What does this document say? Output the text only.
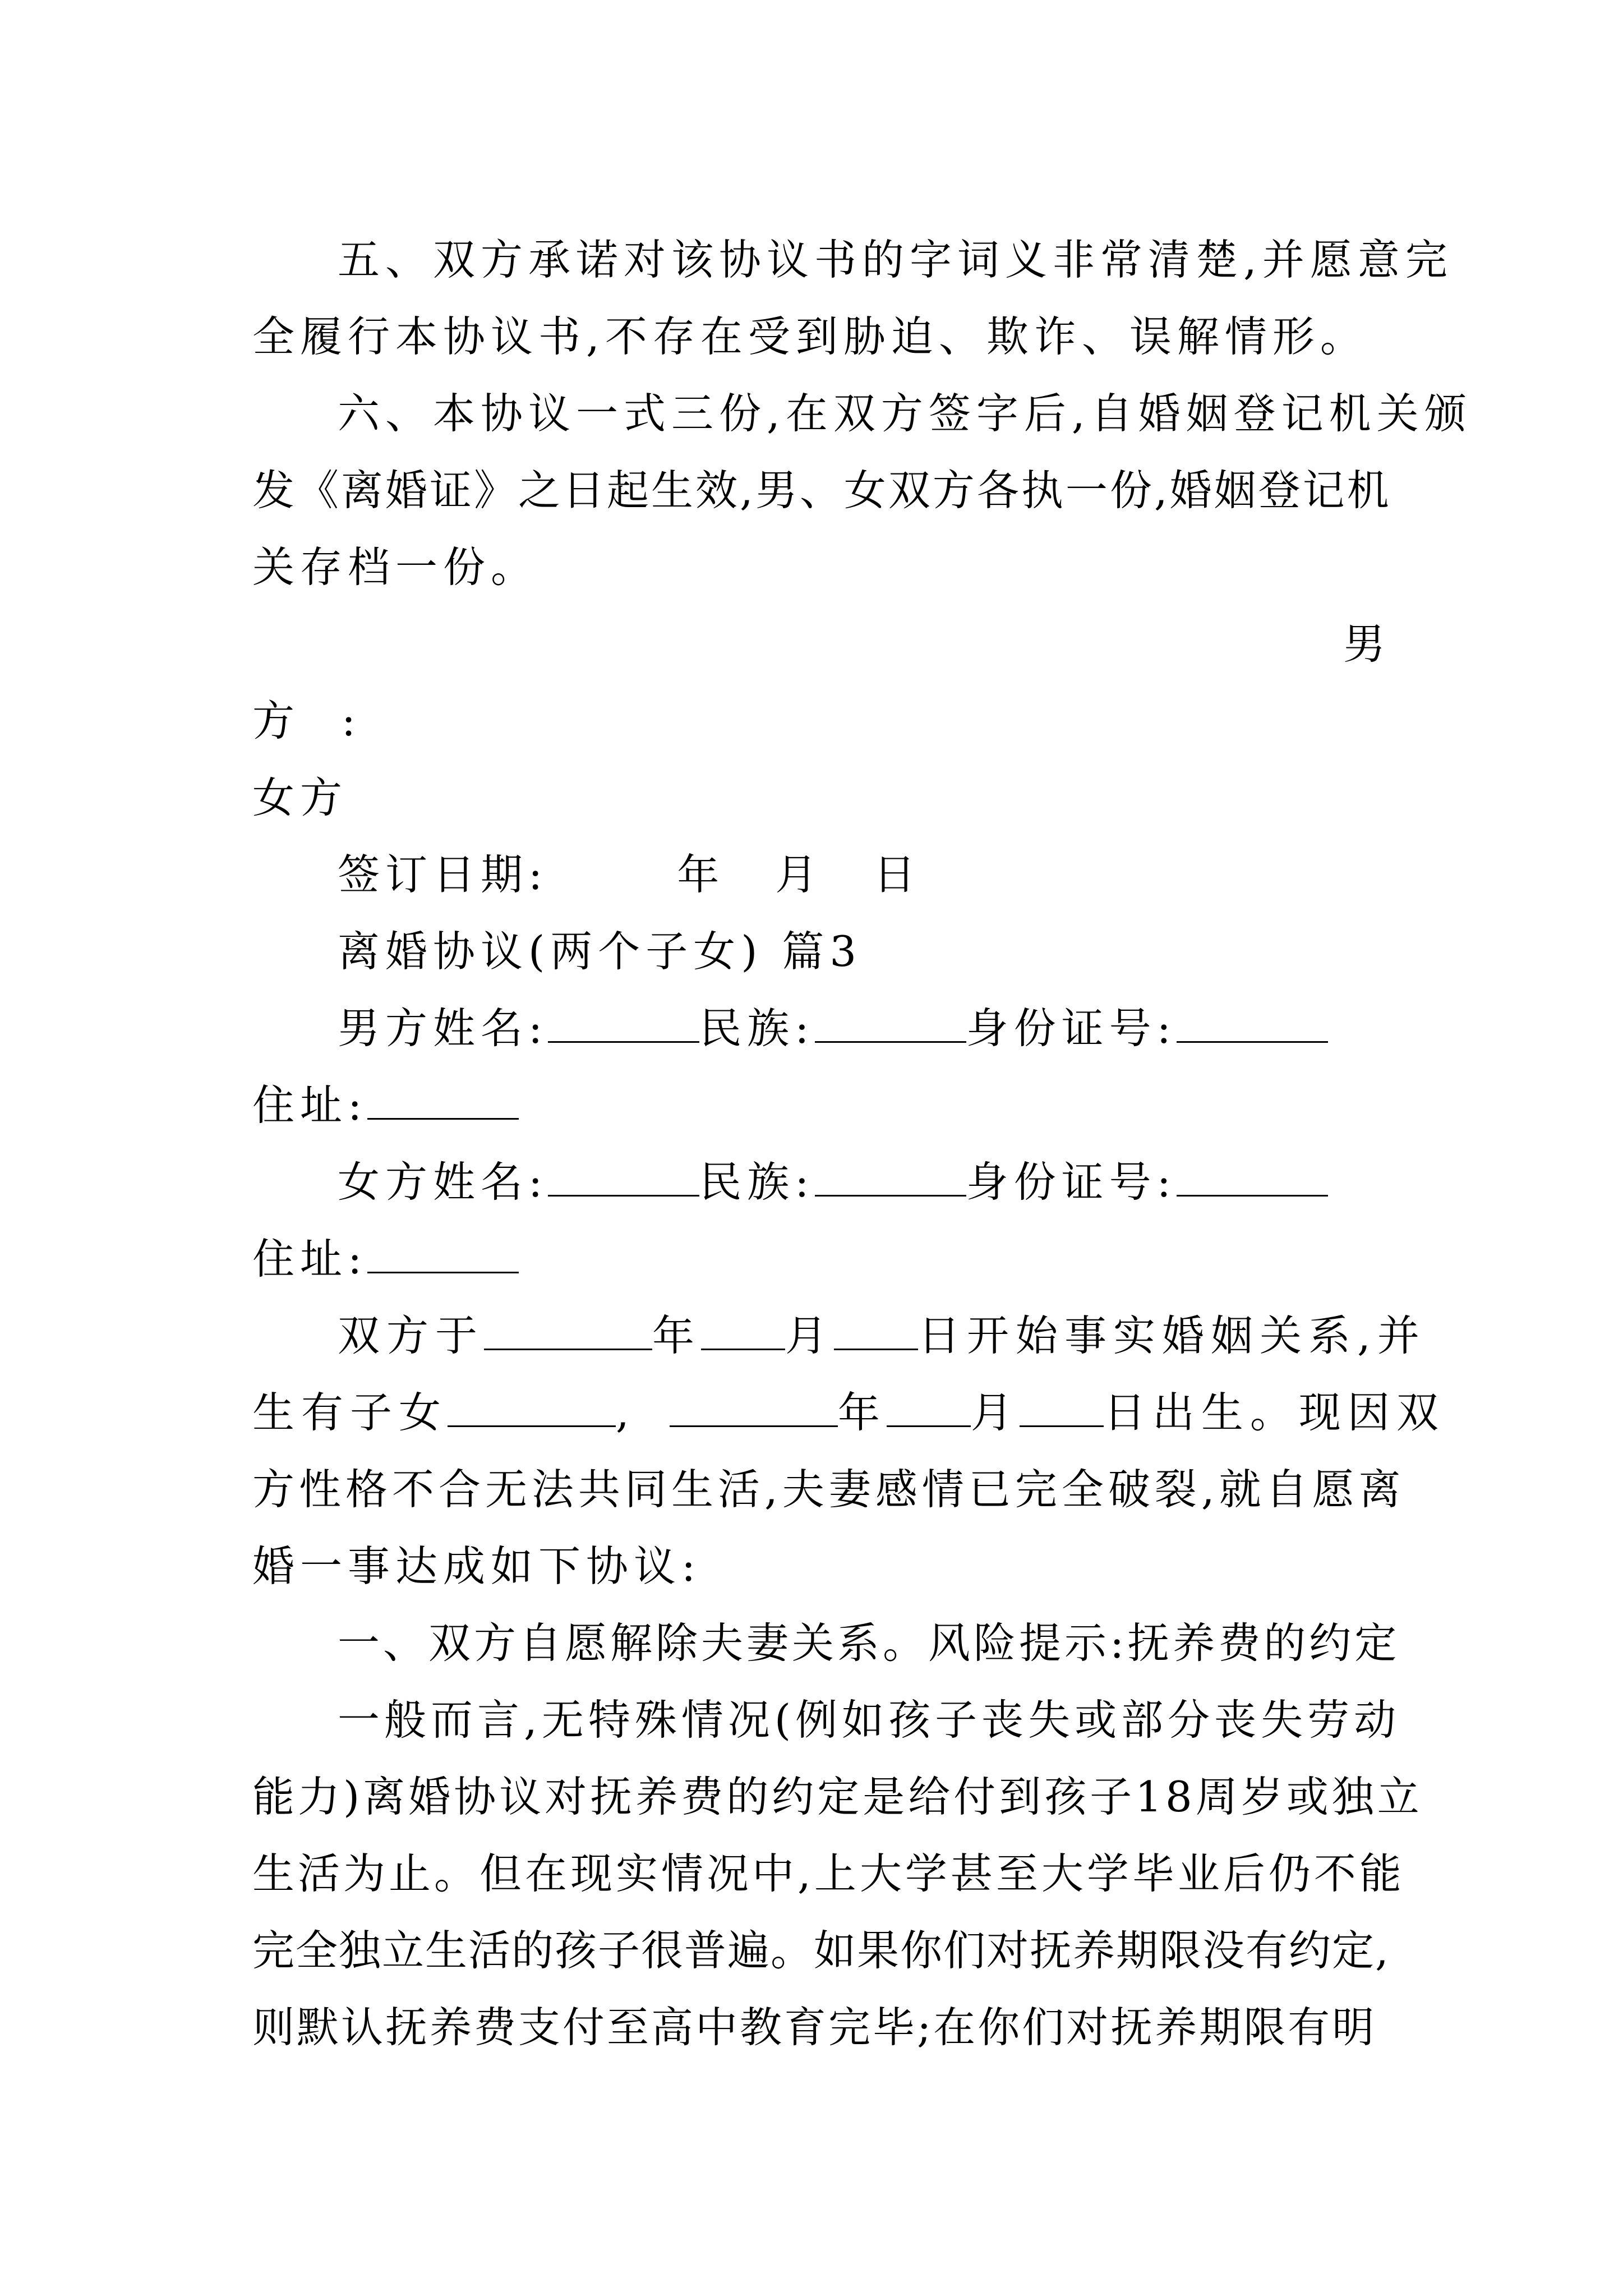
五、双方承诺对该协议书的字词义非常清楚,并愿意完
全履行本协议书,不存在受到胁迫、欺诈、误解情形。
六、本协议一式三份,在双方签字后,自婚姻登记机关颁
发《离婚证》之日起生效,男、女双方各执一份,婚姻登记机
关存档一份。
男
方 :
女方
签订日期:	年 月 日
离婚协议(两个子女) 篇3
男方姓名:	民族:	身份证号:
住址:
女方姓名:	民族:	身份证号:
住址:
双方于	年 月 日开始事实婚姻关系,并
生有子女	,	年 月 日出生。现因双
方性格不合无法共同生活,夫妻感情已完全破裂,就自愿离
婚一事达成如下协议:
一、双方自愿解除夫妻关系。风险提示:抚养费的约定
一般而言,无特殊情况(例如孩子丧失或部分丧失劳动
能力)离婚协议对抚养费的约定是给付到孩子18周岁或独立
生活为止。但在现实情况中,上大学甚至大学毕业后仍不能
完全独立生活的孩子很普遍。如果你们对抚养期限没有约定,
则默认抚养费支付至高中教育完毕;在你们对抚养期限有明
